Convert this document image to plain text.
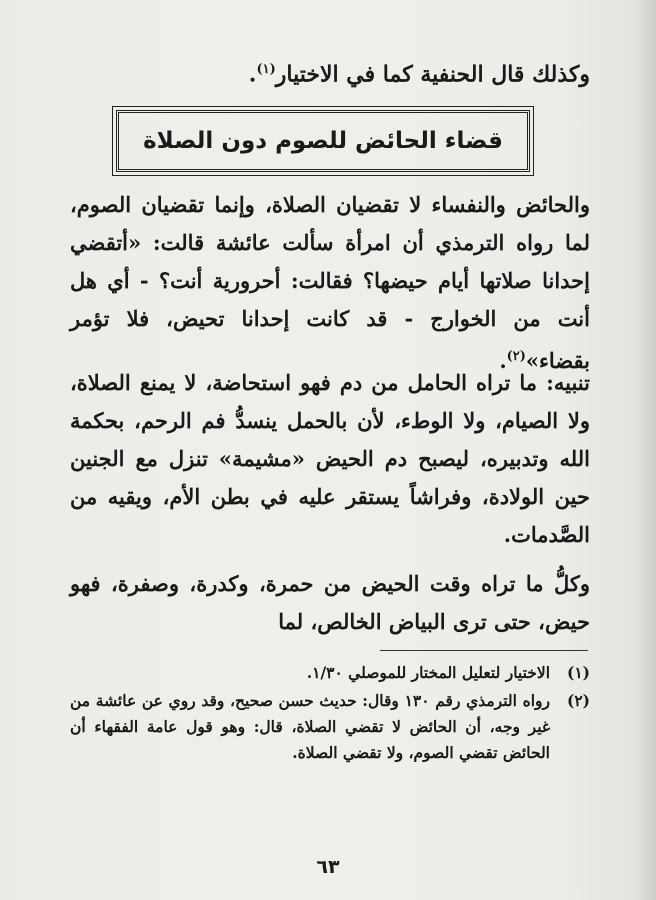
وكذلك قال الحنفية كما في الاختيار$^{(١)}$.
قضاء الحائض للصوم دون الصلاة
والحائض والنفساء لا تقضيان الصلاة، وإنما تقضيان الصوم، لما رواه الترمذي أن امرأة سألت عائشة قالت: «أتقضي إحدانا صلاتها أيام حيضها؟ فقالت: أحرورية أنت؟ - أي هل أنت من الخوارج - قد كانت إحدانا تحيض، فلا تؤمر بقضاء»$^{(٢)}$.
تنبيه: ما تراه الحامل من دم فهو استحاضة، لا يمنع الصلاة، ولا الصيام، ولا الوطء، لأن بالحمل ينسدُّ فم الرحم، بحكمة الله وتدبيره، ليصبح دم الحيض «مشيمة» تنزل مع الجنين حين الولادة، وفراشاً يستقر عليه في بطن الأم، ويقيه من الصَّدمات.
وكلُّ ما تراه وقت الحيض من حمرة، وكدرة، وصفرة، فهو حيض، حتى ترى البياض الخالص، لما
(١)
الاختيار لتعليل المختار للموصلي ١/٣٠.
(٢)
رواه الترمذي رقم ١٣٠ وقال: حديث حسن صحيح، وقد روي عن عائشة من غير وجه، أن الحائض لا تقضي الصلاة، قال: وهو قول عامة الفقهاء أن الحائض تقضي الصوم، ولا تقضي الصلاة.
٦٣
